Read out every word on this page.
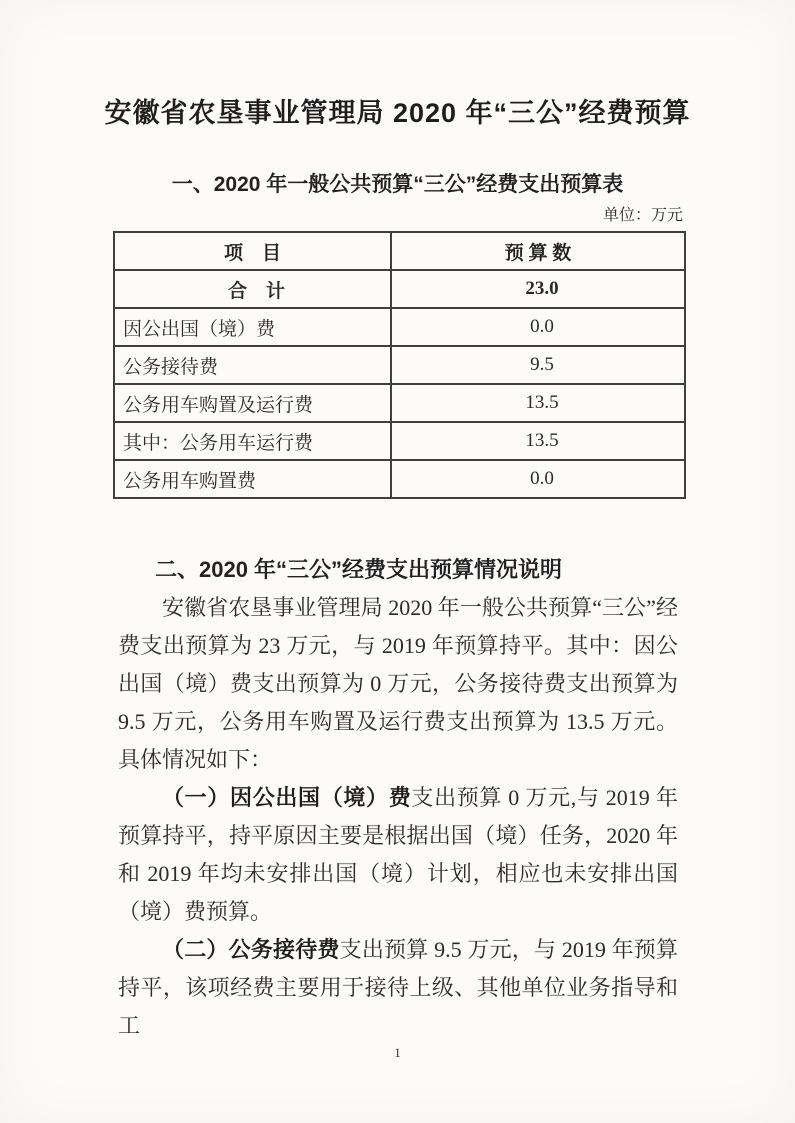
安徽省农垦事业管理局 2020 年“三公”经费预算
一、2020 年一般公共预算“三公”经费支出预算表
单位：万元
项　目	预 算 数
合　计	23.0
因公出国（境）费	0.0
公务接待费	9.5
公务用车购置及运行费	13.5
其中：公务用车运行费	13.5
公务用车购置费	0.0
二、2020 年“三公”经费支出预算情况说明

安徽省农垦事业管理局 2020 年一般公共预算“三公”经费支出预算为 23 万元，与 2019 年预算持平。其中：因公出国（境）费支出预算为 0 万元，公务接待费支出预算为 9.5 万元，公务用车购置及运行费支出预算为 13.5 万元。具体情况如下：

（一）因公出国（境）费支出预算 0 万元,与 2019 年预算持平，持平原因主要是根据出国（境）任务，2020 年和 2019 年均未安排出国（境）计划，相应也未安排出国（境）费预算。

（二）公务接待费支出预算 9.5 万元，与 2019 年预算持平，该项经费主要用于接待上级、其他单位业务指导和工

1
